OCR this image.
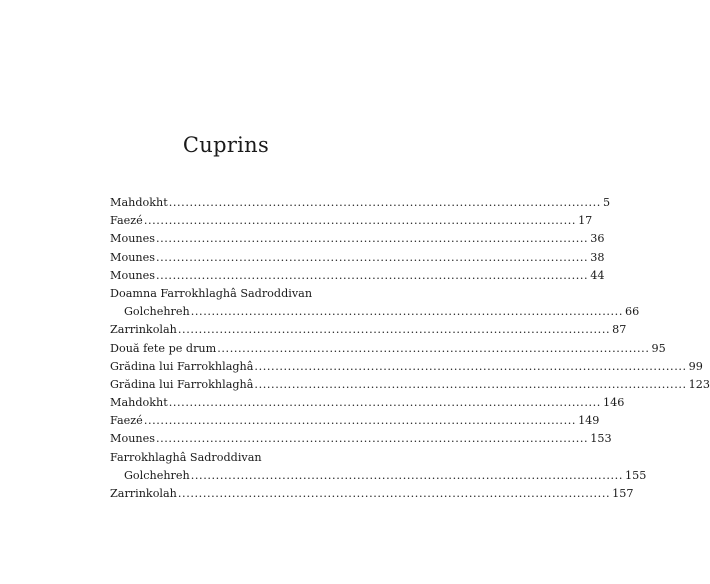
Cuprins
Mahdokht ........................................................................................................ 5
Faezé ........................................................................................................ 17
Mounes ........................................................................................................ 36
Mounes ........................................................................................................ 38
Mounes ........................................................................................................ 44
Doamna Farrokhlaghâ Sadroddivan
Golchehreh ........................................................................................................ 66
Zarrinkolah ........................................................................................................ 87
Două fete pe drum ........................................................................................................ 95
Grădina lui Farrokhlaghâ ........................................................................................................ 99
Grădina lui Farrokhlaghâ ........................................................................................................ 123
Mahdokht ........................................................................................................ 146
Faezé ........................................................................................................ 149
Mounes ........................................................................................................ 153
Farrokhlaghâ Sadroddivan
Golchehreh ........................................................................................................ 155
Zarrinkolah ........................................................................................................ 157
